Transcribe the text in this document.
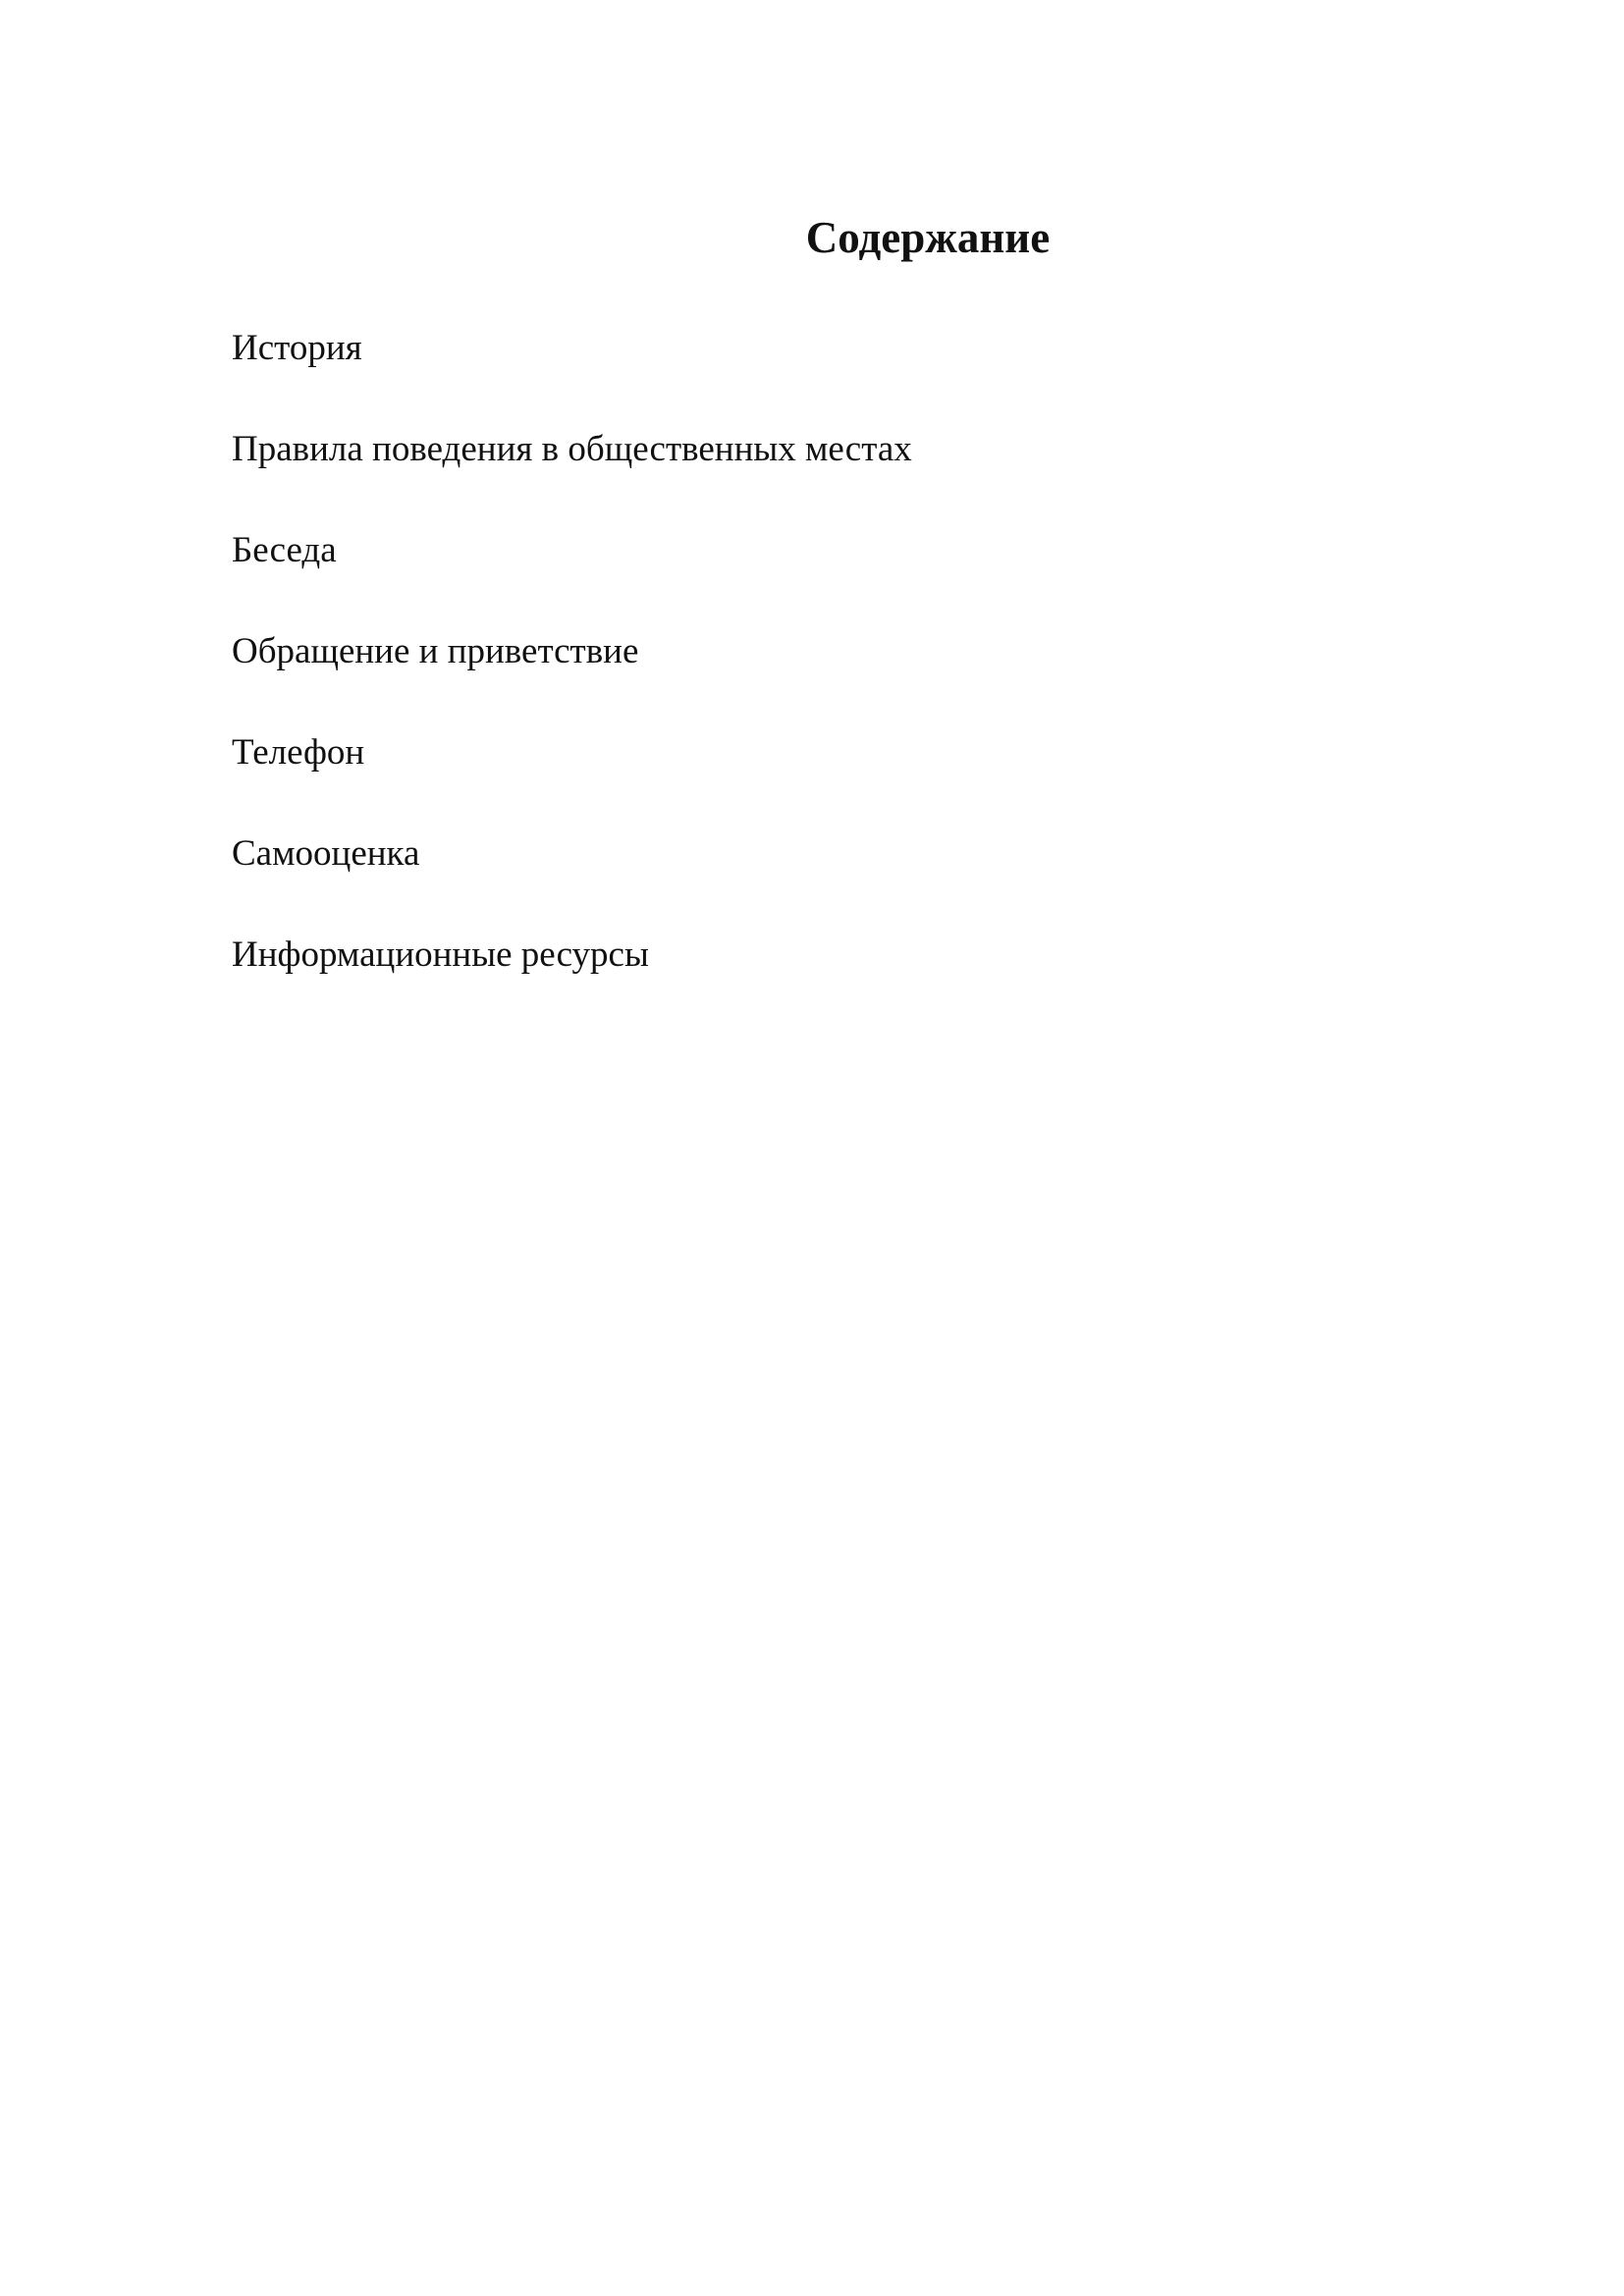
Содержание
История
Правила поведения в общественных местах
Беседа
Обращение и приветствие
Телефон
Самооценка
Информационные ресурсы
